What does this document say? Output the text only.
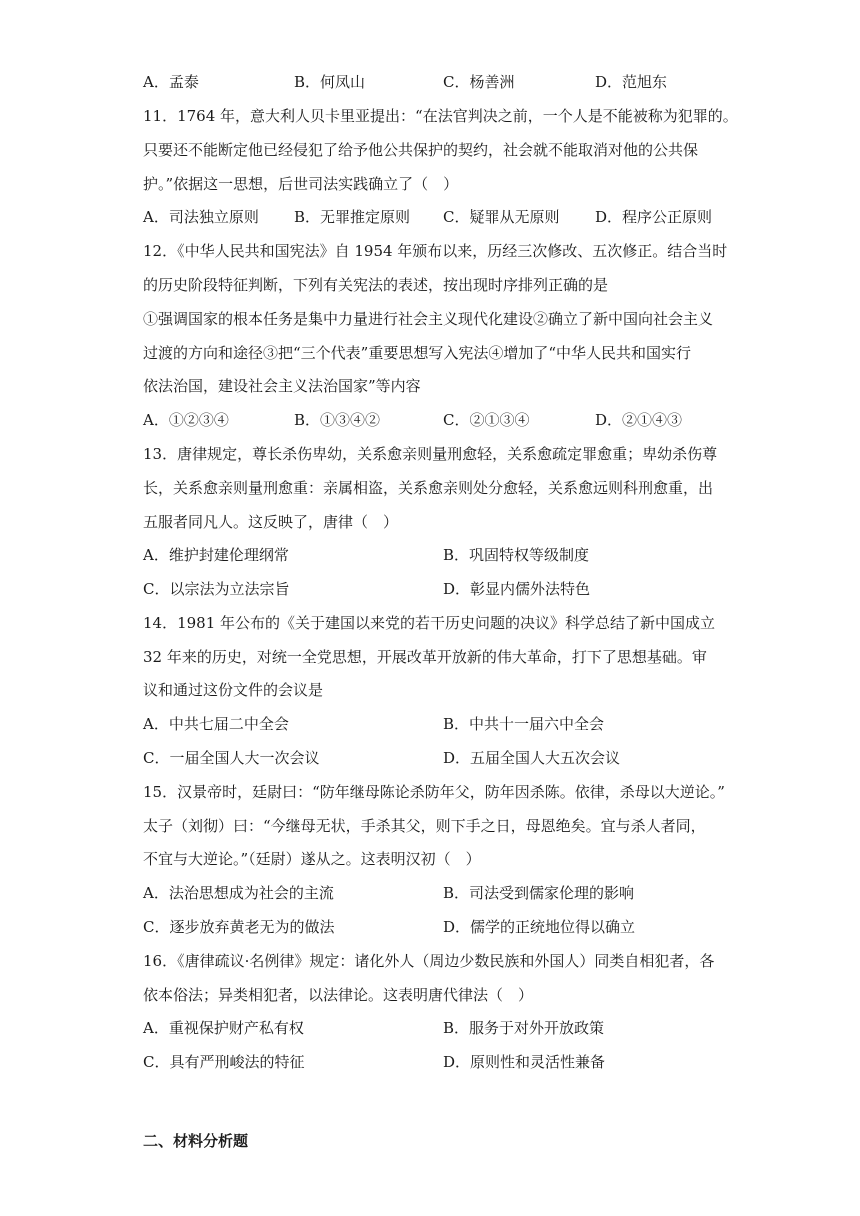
A．孟泰	B．何凤山	C．杨善洲	D．范旭东
11．1764 年，意大利人贝卡里亚提出：“在法官判决之前，一个人是不能被称为犯罪的。
只要还不能断定他已经侵犯了给予他公共保护的契约，社会就不能取消对他的公共保
护。”依据这一思想，后世司法实践确立了（　）
A．司法独立原则 B．无罪推定原则 C．疑罪从无原则 D．程序公正原则
12．《中华人民共和国宪法》自 1954 年颁布以来，历经三次修改、五次修正。结合当时
的历史阶段特征判断，下列有关宪法的表述，按出现时序排列正确的是
①强调国家的根本任务是集中力量进行社会主义现代化建设②确立了新中国向社会主义
过渡的方向和途径③把“三个代表”重要思想写入宪法④增加了“中华人民共和国实行
依法治国，建设社会主义法治国家”等内容
A．①②③④	B．①③④②	C．②①③④	D．②①④③
13．唐律规定，尊长杀伤卑幼，关系愈亲则量刑愈轻，关系愈疏定罪愈重；卑幼杀伤尊
长，关系愈亲则量刑愈重：亲属相盗，关系愈亲则处分愈轻，关系愈远则科刑愈重，出
五服者同凡人。这反映了，唐律（　）
A．维护封建伦理纲常	B．巩固特权等级制度
C．以宗法为立法宗旨	D．彰显内儒外法特色
14．1981 年公布的《关于建国以来党的若干历史问题的决议》科学总结了新中国成立
32 年来的历史，对统一全党思想，开展改革开放新的伟大革命，打下了思想基础。审
议和通过这份文件的会议是
A．中共七届二中全会	B．中共十一届六中全会
C．一届全国人大一次会议	D．五届全国人大五次会议
15．汉景帝时，廷尉曰：“防年继母陈论杀防年父，防年因杀陈。依律，杀母以大逆论。”
太子（刘彻）曰：“今继母无状，手杀其父，则下手之日，母恩绝矣。宜与杀人者同，
不宜与大逆论。”（廷尉）遂从之。这表明汉初（　）
A．法治思想成为社会的主流	B．司法受到儒家伦理的影响
C．逐步放弃黄老无为的做法	D．儒学的正统地位得以确立
16．《唐律疏议·名例律》规定：诸化外人（周边少数民族和外国人）同类自相犯者，各
依本俗法；异类相犯者，以法律论。这表明唐代律法（　）
A．重视保护财产私有权	B．服务于对外开放政策
C．具有严刑峻法的特征	D．原则性和灵活性兼备
二、材料分析题
